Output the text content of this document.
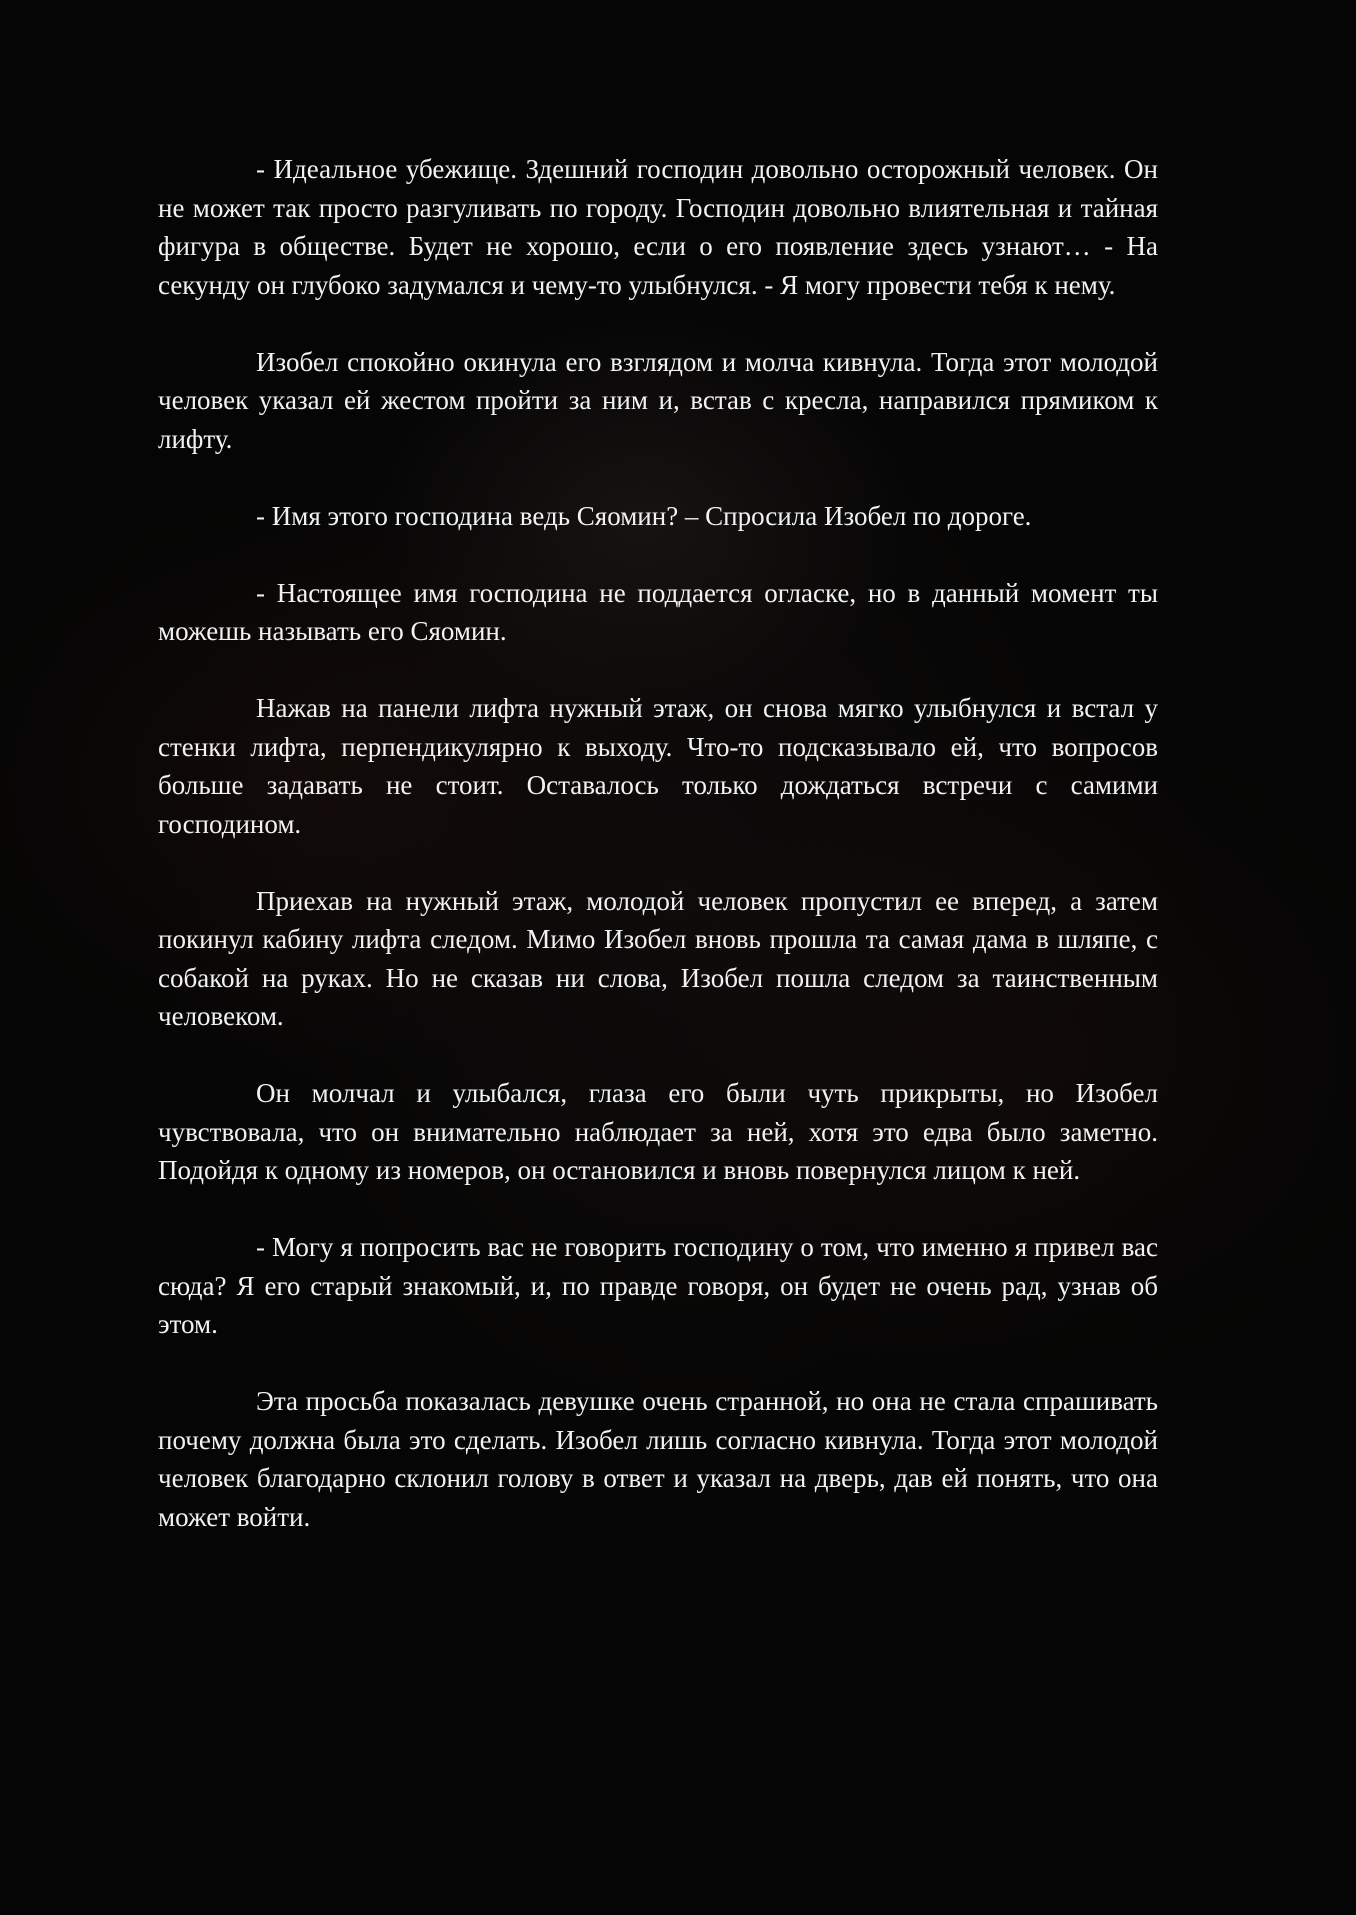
- Идеальное убежище. Здешний господин довольно осторожный человек. Он не может так просто разгуливать по городу. Господин довольно влиятельная и тайная фигура в обществе. Будет не хорошо, если о его появление здесь узнают… - На секунду он глубоко задумался и чему-то улыбнулся. - Я могу провести тебя к нему.

Изобел спокойно окинула его взглядом и молча кивнула. Тогда этот молодой человек указал ей жестом пройти за ним и, встав с кресла, направился прямиком к лифту.

- Имя этого господина ведь Сяомин? – Спросила Изобел по дороге.

- Настоящее имя господина не поддается огласке, но в данный момент ты можешь называть его Сяомин.

Нажав на панели лифта нужный этаж, он снова мягко улыбнулся и встал у стенки лифта, перпендикулярно к выходу. Что-то подсказывало ей, что вопросов больше задавать не стоит. Оставалось только дождаться встречи с самими господином.

Приехав на нужный этаж, молодой человек пропустил ее вперед, а затем покинул кабину лифта следом. Мимо Изобел вновь прошла та самая дама в шляпе, с собакой на руках. Но не сказав ни слова, Изобел пошла следом за таинственным человеком.

Он молчал и улыбался, глаза его были чуть прикрыты, но Изобел чувствовала, что он внимательно наблюдает за ней, хотя это едва было заметно. Подойдя к одному из номеров, он остановился и вновь повернулся лицом к ней.

- Могу я попросить вас не говорить господину о том, что именно я привел вас сюда? Я его старый знакомый, и, по правде говоря, он будет не очень рад, узнав об этом.

Эта просьба показалась девушке очень странной, но она не стала спрашивать почему должна была это сделать. Изобел лишь согласно кивнула. Тогда этот молодой человек благодарно склонил голову в ответ и указал на дверь, дав ей понять, что она может войти.
